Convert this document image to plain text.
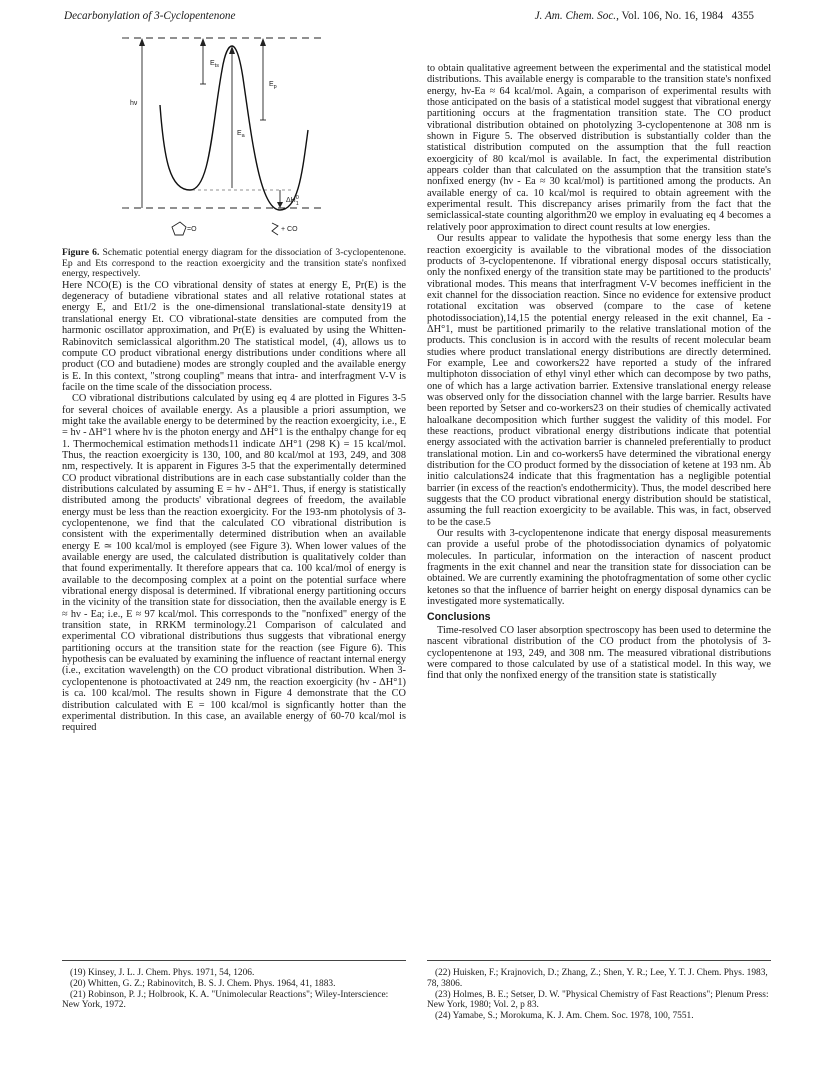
Decarbonylation of 3-Cyclopentenone	J. Am. Chem. Soc., Vol. 106, No. 16, 1984 4355
$E_{ts}$
hν
$E_p$
$E_a$
$\Delta H^0$ 1
=O	+ CO

Figure 6. Schematic potential energy diagram for the dissociation of 3-cyclopentenone. Ep and Ets correspond to the reaction exoergicity and the transition state's nonfixed energy, respectively.

Here NCO(E) is the CO vibrational density of states at energy E, Pr(E) is the degeneracy of butadiene vibrational states and all relative rotational states at energy E, and Et1/2 is the one-dimensional translational-state density19 at translational energy Et. CO vibrational-state densities are computed from the harmonic oscillator approximation, and Pr(E) is evaluated by using the Whitten-Rabinovitch semiclassical algorithm.20 The statistical model, (4), allows us to compute CO product vibrational energy distributions under conditions where all product (CO and butadiene) modes are strongly coupled and the available energy is E. In this context, "strong coupling" means that intra- and interfragment V-V is facile on the time scale of the dissociation process.

CO vibrational distributions calculated by using eq 4 are plotted in Figures 3-5 for several choices of available energy. As a plausible a priori assumption, we might take the available energy to be determined by the reaction exoergicity, i.e., E = hν - ΔH°1 where hν is the photon energy and ΔH°1 is the enthalpy change for eq 1. Thermochemical estimation methods11 indicate ΔH°1 (298 K) = 15 kcal/mol. Thus, the reaction exoergicity is 130, 100, and 80 kcal/mol at 193, 249, and 308 nm, respectively. It is apparent in Figures 3-5 that the experimentally determined CO product vibrational distributions are in each case substantially colder than the distributions calculated by assuming E = hν - ΔH°1. Thus, if energy is statistically distributed among the products' vibrational degrees of freedom, the available energy must be less than the reaction exoergicity. For the 193-nm photolysis of 3-cyclopentenone, we find that the calculated CO vibrational distribution is consistent with the experimentally determined distribution when an available energy E ≃ 100 kcal/mol is employed (see Figure 3). When lower values of the available energy are used, the calculated distribution is qualitatively colder than that found experimentally. It therefore appears that ca. 100 kcal/mol of energy is available to the decomposing complex at a point on the potential surface where vibrational energy disposal is determined. If vibrational energy partitioning occurs in the vicinity of the transition state for dissociation, then the available energy is E ≈ hν - Ea; i.e., E ≈ 97 kcal/mol. This corresponds to the "nonfixed" energy of the transition state, in RRKM terminology.21 Comparison of calculated and experimental CO vibrational distributions thus suggests that vibrational energy partitioning occurs at the transition state for the reaction (see Figure 6). This hypothesis can be evaluated by examining the influence of reactant internal energy (i.e., excitation wavelength) on the CO product vibrational distribution. When 3-cyclopentenone is photoactivated at 249 nm, the reaction exoergicity (hν - ΔH°1) is ca. 100 kcal/mol. The results shown in Figure 4 demonstrate that the CO distribution calculated with E = 100 kcal/mol is signficantly hotter than the experimental distribution. In this case, an available energy of 60-70 kcal/mol is required

to obtain qualitative agreement between the experimental and the statistical model distributions. This available energy is comparable to the transition state's nonfixed energy, hν-Ea ≈ 64 kcal/mol. Again, a comparison of experimental results with those anticipated on the basis of a statistical model suggest that vibrational energy partitioning occurs at the fragmentation transition state. The CO product vibrational distribution obtained on photolyzing 3-cyclopentenone at 308 nm is shown in Figure 5. The observed distribution is substantially colder than the statistical distribution computed on the assumption that the full reaction exoergicity of 80 kcal/mol is available. In fact, the experimental distribution appears colder than that calculated on the assumption that the transition state's nonfixed energy (hν - Ea ≈ 30 kcal/mol) is partitioned among the products. An available energy of ca. 10 kcal/mol is required to obtain agreement with the experimental result. This discrepancy arises primarily from the fact that the semiclassical-state counting algorithm20 we employ in evaluating eq 4 becomes a relatively poor approximation to direct count results at low energies.

Our results appear to validate the hypothesis that some energy less than the reaction exoergicity is available to the vibrational modes of the dissociation products of 3-cyclopentenone. If vibrational energy disposal occurs statistically, only the nonfixed energy of the transition state may be partitioned to the products' vibrational modes. This means that interfragment V-V becomes inefficient in the exit channel for the dissociation reaction. Since no evidence for extensive product rotational excitation was observed (compare to the case of ketene photodissociation),14,15 the potential energy released in the exit channel, Ea - ΔH°1, must be partitioned primarily to the relative translational motion of the products. This conclusion is in accord with the results of recent molecular beam studies where product translational energy distributions are directly determined. For example, Lee and coworkers22 have reported a study of the infrared multiphoton dissociation of ethyl vinyl ether which can decompose by two paths, one of which has a large activation barrier. Extensive translational energy release was observed only for the dissociation channel with the large barrier. Results have been reported by Setser and co-workers23 on their studies of chemically activated haloalkane decomposition which further suggest the validity of this model. For these reactions, product vibrational energy distributions indicate that potential energy associated with the activation barrier is channeled preferentially to product translational motion. Lin and co-workers5 have determined the vibrational energy distribution for the CO product formed by the dissociation of ketene at 193 nm. Ab initio calculations24 indicate that this fragmentation has a negligible potential barrier (in excess of the reaction's endothermicity). Thus, the model described here suggests that the CO product vibrational energy distribution should be statistical, assuming the full reaction exoergicity to be available. This was, in fact, observed to be the case.5

Our results with 3-cyclopentenone indicate that energy disposal measurements can provide a useful probe of the photodissociation dynamics of polyatomic molecules. In particular, information on the interaction of nascent product fragments in the exit channel and near the transition state for dissociation can be obtained. We are currently examining the photofragmentation of some other cyclic ketones so that the influence of barrier height on energy disposal dynamics can be investigated more systematically.

Conclusions

Time-resolved CO laser absorption spectroscopy has been used to determine the nascent vibrational distribution of the CO product from the photolysis of 3-cyclopentenone at 193, 249, and 308 nm. The measured vibrational distributions were compared to those calculated by use of a statistical model. In this way, we find that only the nonfixed energy of the transition state is statistically

(19) Kinsey, J. L. J. Chem. Phys. 1971, 54, 1206.
(20) Whitten, G. Z.; Rabinovitch, B. S. J. Chem. Phys. 1964, 41, 1883.
(21) Robinson, P. J.; Holbrook, K. A. "Unimolecular Reactions"; Wiley-Interscience: New York, 1972.
(22) Huisken, F.; Krajnovich, D.; Zhang, Z.; Shen, Y. R.; Lee, Y. T. J. Chem. Phys. 1983, 78, 3806.
(23) Holmes, B. E.; Setser, D. W. "Physical Chemistry of Fast Reactions"; Plenum Press: New York, 1980; Vol. 2, p 83.
(24) Yamabe, S.; Morokuma, K. J. Am. Chem. Soc. 1978, 100, 7551.
